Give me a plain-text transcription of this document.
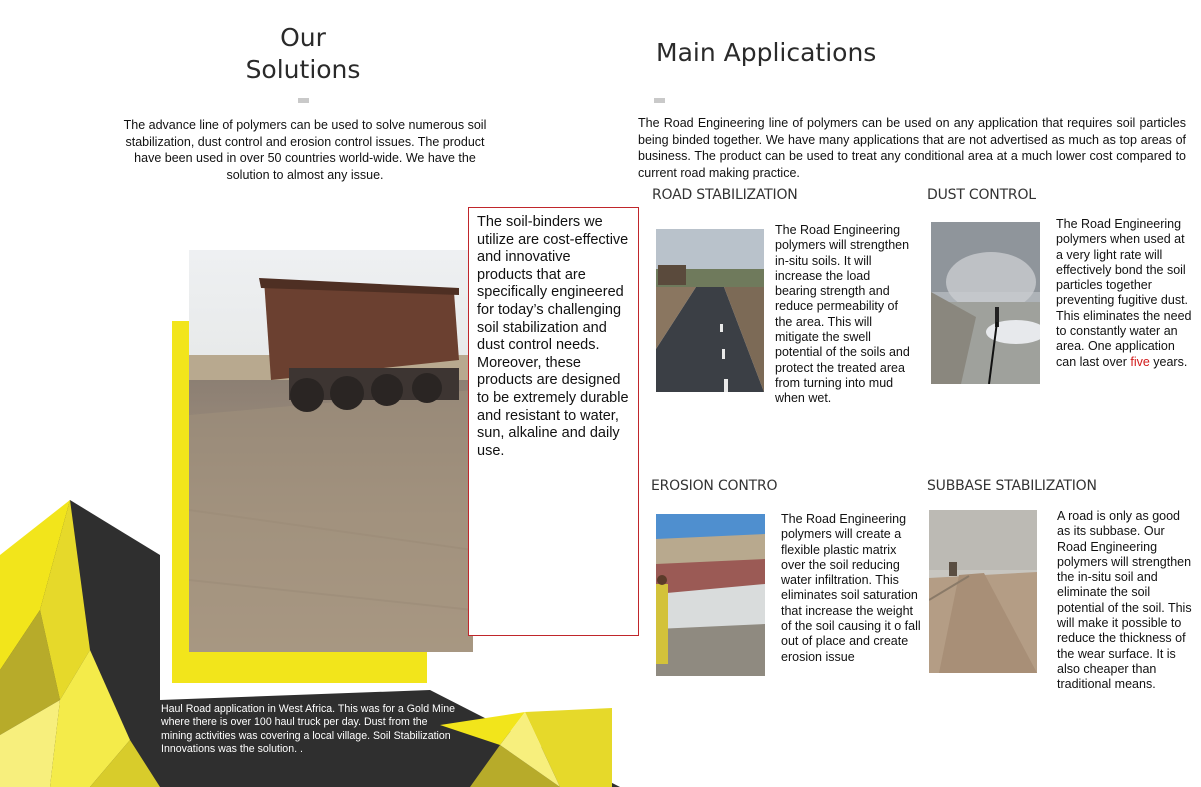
Our
Solutions
The advance line of polymers can be used to solve numerous soil stabilization, dust control and erosion control issues. The product have been used in over 50 countries world-wide. We have the solution to almost any issue.
The soil-binders we utilize are cost-effective and innovative products that are specifically engineered for today’s challenging soil stabilization and dust control needs. Moreover, these products are designed to be extremely durable and resistant to water, sun, alkaline and daily use.
Haul Road application in West Africa. This was for a Gold Mine where there is over 100 haul truck per day. Dust from the mining activities was covering a local village. Soil Stabilization Innovations was the solution. .
Main Applications
The Road Engineering line of polymers can be used on any application that requires soil particles being binded together. We have many applications that are not advertised as much as top areas of business. The product can be used to treat any conditional area at a much lower cost compared to current road making practice.
ROAD STABILIZATION
The Road Engineering polymers will strengthen in-situ soils. It will increase the load bearing strength and reduce permeability of the area. This will mitigate the swell potential of the soils and protect the treated area from turning into mud when wet.
DUST CONTROL
The Road Engineering polymers when used at a very light rate will effectively bond the soil particles together preventing fugitive dust. This eliminates the need to constantly water an area. One application can last over five years.
EROSION CONTRO
The Road Engineering polymers will create a flexible plastic matrix over the soil reducing water infiltration. This eliminates soil saturation that increase the weight of the soil causing it o fall out of place and create erosion issue
SUBBASE STABILIZATION
A road is only as good as its subbase. Our Road Engineering polymers will strengthen the in-situ soil and eliminate the soil potential of the soil. This will make it possible to reduce the thickness of the wear surface. It is also cheaper than traditional means.
